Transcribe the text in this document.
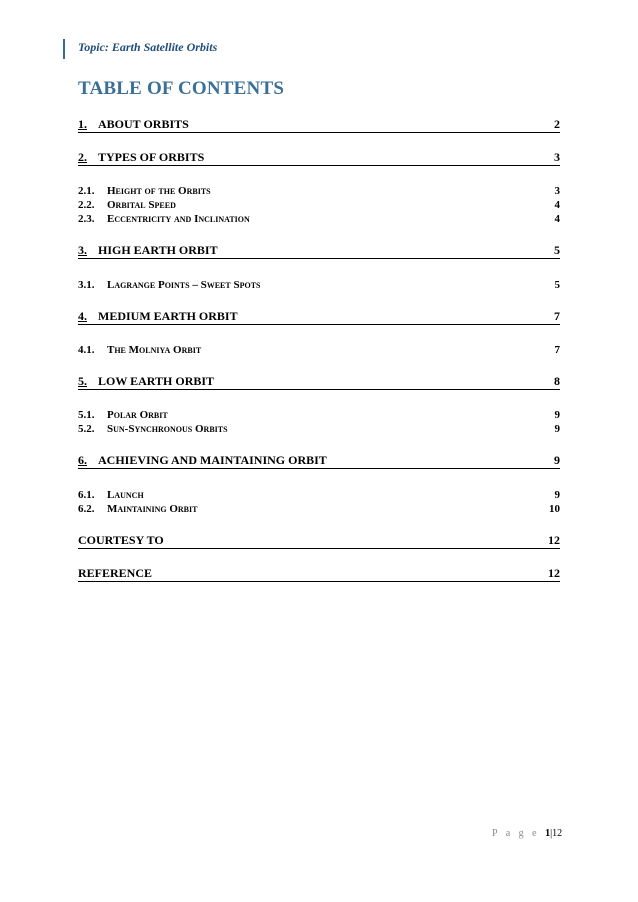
Topic: Earth Satellite Orbits
TABLE OF CONTENTS
1. ABOUT ORBITS	2
2. TYPES OF ORBITS	3
2.1.	Height of the Orbits	3
2.2.	Orbital Speed	4
2.3.	Eccentricity and Inclination	4
3. HIGH EARTH ORBIT	5
3.1.	Lagrange Points – Sweet Spots	5
4. MEDIUM EARTH ORBIT	7
4.1.	The Molniya Orbit	7
5. LOW EARTH ORBIT	8
5.1.	Polar Orbit	9
5.2.	Sun-Synchronous Orbits	9
6. ACHIEVING AND MAINTAINING ORBIT	9
6.1.	Launch	9
6.2.	Maintaining Orbit	10
COURTESY TO	12
REFERENCE	12
P a g e 1|12
